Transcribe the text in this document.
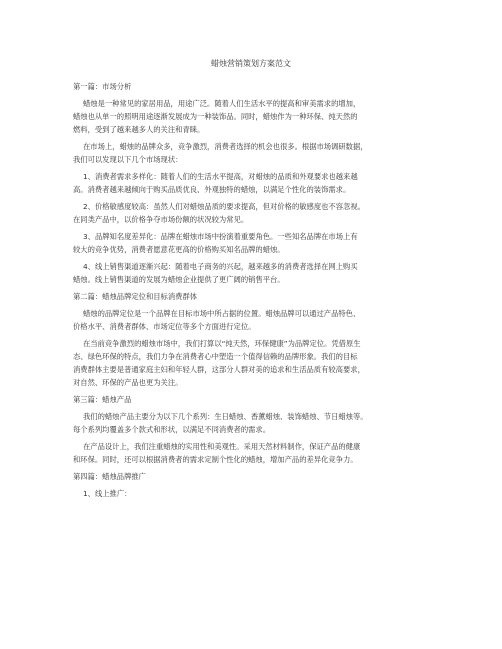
蜡烛营销策划方案范文
第一篇：市场分析
蜡烛是一种常见的家居用品，用途广泛。随着人们生活水平的提高和审美需求的增加，
蜡烛也从单一的照明用途逐渐发展成为一种装饰品。同时，蜡烛作为一种环保、纯天然的
燃料，受到了越来越多人的关注和青睐。
在市场上，蜡烛的品牌众多，竞争激烈，消费者选择的机会也很多。根据市场调研数据，
我们可以发现以下几个市场现状：
1、消费者需求多样化：随着人们的生活水平提高，对蜡烛的品质和外观要求也越来越
高。消费者越来越倾向于购买品质优良、外观独特的蜡烛，以满足个性化的装饰需求。
2、价格敏感度较高：虽然人们对蜡烛品质的要求提高，但对价格的敏感度也不容忽视。
在同类产品中，以价格争夺市场份额的状况较为常见。
3、品牌知名度差异化：品牌在蜡烛市场中扮演着重要角色。一些知名品牌在市场上有
较大的竞争优势，消费者愿意花更高的价格购买知名品牌的蜡烛。
4、线上销售渠道逐渐兴起：随着电子商务的兴起，越来越多的消费者选择在网上购买
蜡烛。线上销售渠道的发展为蜡烛企业提供了更广阔的销售平台。
第二篇：蜡烛品牌定位和目标消费群体
蜡烛的品牌定位是一个品牌在目标市场中所占据的位置。蜡烛品牌可以通过产品特色、
价格水平、消费者群体、市场定位等多个方面进行定位。
在当前竞争激烈的蜡烛市场中，我们打算以“纯天然，环保健康”为品牌定位。凭借原生
态、绿色环保的特点，我们力争在消费者心中塑造一个值得信赖的品牌形象。我们的目标
消费群体主要是普通家庭主妇和年轻人群，这部分人群对美的追求和生活品质有较高要求，
对自然、环保的产品也更为关注。
第三篇：蜡烛产品
我们的蜡烛产品主要分为以下几个系列：生日蜡烛、香薰蜡烛、装饰蜡烛、节日蜡烛等。
每个系列均覆盖多个款式和形状，以满足不同消费者的需求。
在产品设计上，我们注重蜡烛的实用性和美观性。采用天然材料制作，保证产品的健康
和环保。同时，还可以根据消费者的需求定制个性化的蜡烛，增加产品的差异化竞争力。
第四篇：蜡烛品牌推广
1、线上推广：
